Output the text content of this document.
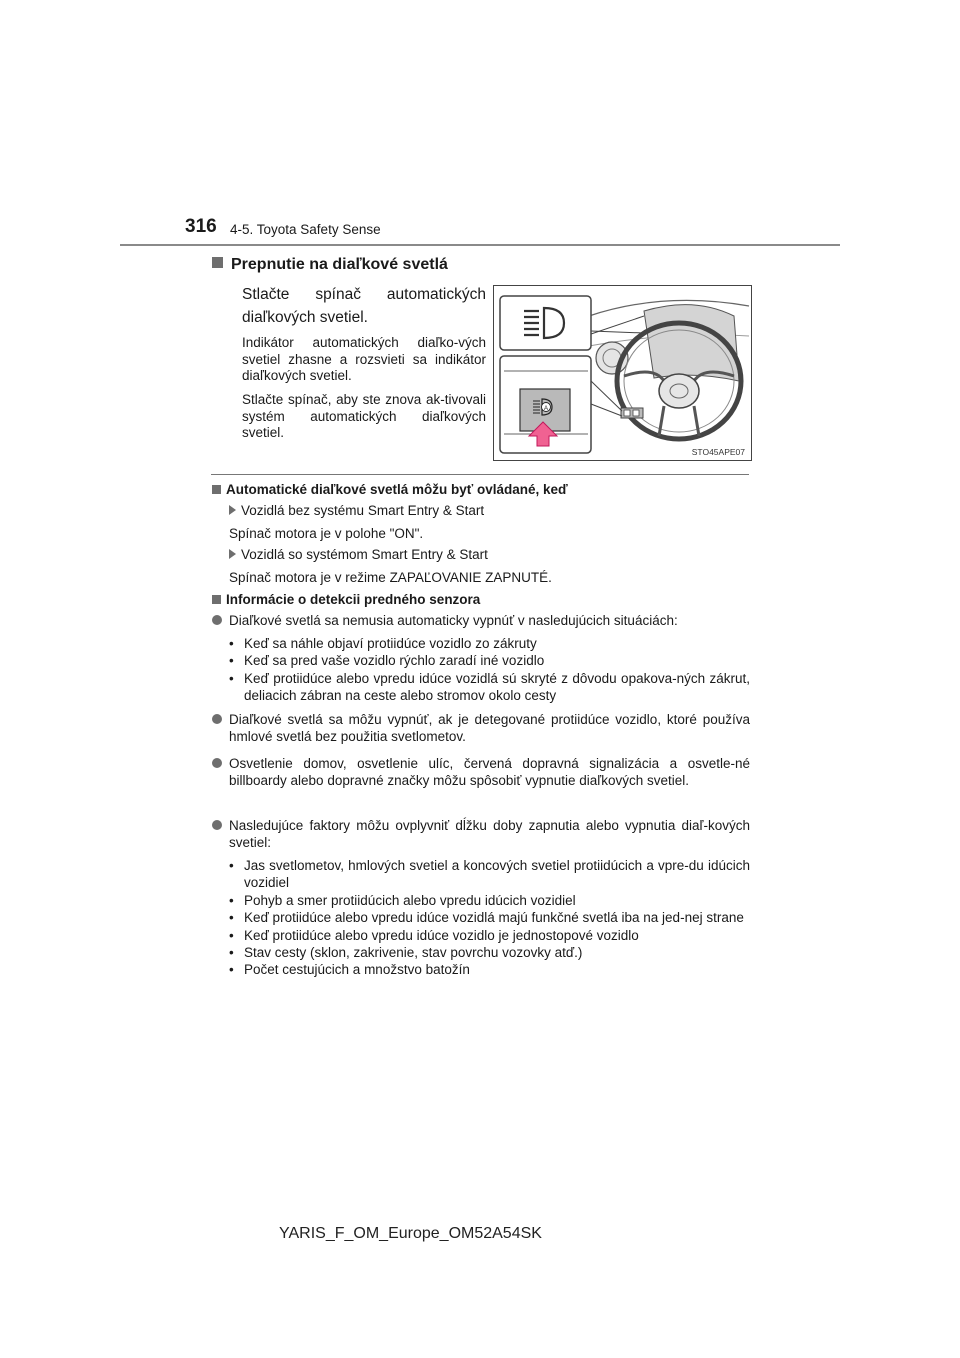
316 4-5. Toyota Safety Sense
Prepnutie na diaľkové svetlá
Stlačte spínač automatických diaľkových svetiel.
Indikátor automatických diaľko-vých svetiel zhasne a rozsvieti sa indikátor diaľkových svetiel.
Stlačte spínač, aby ste znova ak-tivovali systém automatických diaľkových svetiel.
A
STO45APE07
Automatické diaľkové svetlá môžu byť ovládané, keď
Vozidlá bez systému Smart Entry & Start
Spínač motora je v polohe "ON".
Vozidlá so systémom Smart Entry & Start
Spínač motora je v režime ZAPAĽOVANIE ZAPNUTÉ.
Informácie o detekcii predného senzora
Diaľkové svetlá sa nemusia automaticky vypnúť v nasledujúcich situáciách:
• Keď sa náhle objaví protiidúce vozidlo zo zákruty
• Keď sa pred vaše vozidlo rýchlo zaradí iné vozidlo
• Keď protiidúce alebo vpredu idúce vozidlá sú skryté z dôvodu opakova-ných zákrut, deliacich zábran na ceste alebo stromov okolo cesty
Diaľkové svetlá sa môžu vypnúť, ak je detegované protiidúce vozidlo, ktoré používa hmlové svetlá bez použitia svetlometov.
Osvetlenie domov, osvetlenie ulíc, červená dopravná signalizácia a osvetle-né billboardy alebo dopravné značky môžu spôsobiť vypnutie diaľkových svetiel.
Nasledujúce faktory môžu ovplyvniť dĺžku doby zapnutia alebo vypnutia diaľ-kových svetiel:
• Jas svetlometov, hmlových svetiel a koncových svetiel protiidúcich a vpre-du idúcich vozidiel
• Pohyb a smer protiidúcich alebo vpredu idúcich vozidiel
• Keď protiidúce alebo vpredu idúce vozidlá majú funkčné svetlá iba na jed-nej strane
• Keď protiidúce alebo vpredu idúce vozidlo je jednostopové vozidlo
• Stav cesty (sklon, zakrivenie, stav povrchu vozovky atď.)
• Počet cestujúcich a množstvo batožín
YARIS_F_OM_Europe_OM52A54SK
